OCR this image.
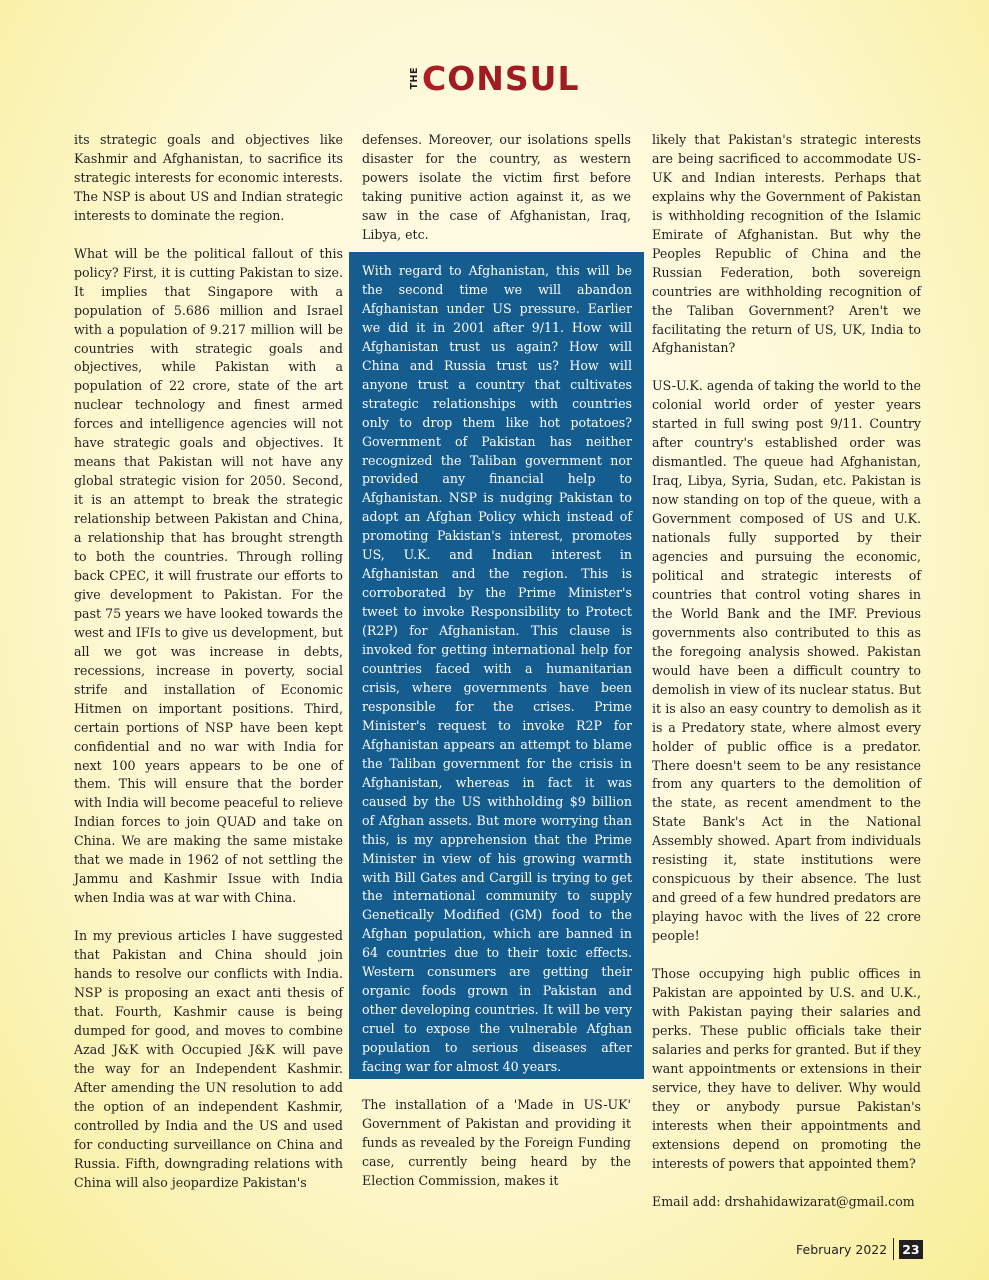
THE CONSUL

its strategic goals and objectives like Kashmir and Afghanistan, to sacrifice its strategic interests for economic interests. The NSP is about US and Indian strategic interests to dominate the region.

What will be the political fallout of this policy? First, it is cutting Pakistan to size. It implies that Singapore with a population of 5.686 million and Israel with a population of 9.217 million will be countries with strategic goals and objectives, while Pakistan with a population of 22 crore, state of the art nuclear technology and finest armed forces and intelligence agencies will not have strategic goals and objectives. It means that Pakistan will not have any global strategic vision for 2050. Second, it is an attempt to break the strategic relationship between Pakistan and China, a relationship that has brought strength to both the countries. Through rolling back CPEC, it will frustrate our efforts to give development to Pakistan. For the past 75 years we have looked towards the west and IFIs to give us development, but all we got was increase in debts, recessions, increase in poverty, social strife and installation of Economic Hitmen on important positions. Third, certain portions of NSP have been kept confidential and no war with India for next 100 years appears to be one of them. This will ensure that the border with India will become peaceful to relieve Indian forces to join QUAD and take on China. We are making the same mistake that we made in 1962 of not settling the Jammu and Kashmir Issue with India when India was at war with China.

In my previous articles I have suggested that Pakistan and China should join hands to resolve our conflicts with India. NSP is proposing an exact anti thesis of that. Fourth, Kashmir cause is being dumped for good, and moves to combine Azad J&K with Occupied J&K will pave the way for an Independent Kashmir. After amending the UN resolution to add the option of an independent Kashmir, controlled by India and the US and used for conducting surveillance on China and Russia. Fifth, downgrading relations with China will also jeopardize Pakistan's

defenses. Moreover, our isolations spells disaster for the country, as western powers isolate the victim first before taking punitive action against it, as we saw in the case of Afghanistan, Iraq, Libya, etc.

With regard to Afghanistan, this will be the second time we will abandon Afghanistan under US pressure. Earlier we did it in 2001 after 9/11. How will Afghanistan trust us again? How will China and Russia trust us? How will anyone trust a country that cultivates strategic relationships with countries only to drop them like hot potatoes? Government of Pakistan has neither recognized the Taliban government nor provided any financial help to Afghanistan. NSP is nudging Pakistan to adopt an Afghan Policy which instead of promoting Pakistan's interest, promotes US, U.K. and Indian interest in Afghanistan and the region. This is corroborated by the Prime Minister's tweet to invoke Responsibility to Protect (R2P) for Afghanistan. This clause is invoked for getting international help for countries faced with a humanitarian crisis, where governments have been responsible for the crises. Prime Minister's request to invoke R2P for Afghanistan appears an attempt to blame the Taliban government for the crisis in Afghanistan, whereas in fact it was caused by the US withholding $9 billion of Afghan assets. But more worrying than this, is my apprehension that the Prime Minister in view of his growing warmth with Bill Gates and Cargill is trying to get the international community to supply Genetically Modified (GM) food to the Afghan population, which are banned in 64 countries due to their toxic effects. Western consumers are getting their organic foods grown in Pakistan and other developing countries. It will be very cruel to expose the vulnerable Afghan population to serious diseases after facing war for almost 40 years.
The installation of a 'Made in US-UK' Government of Pakistan and providing it funds as revealed by the Foreign Funding case, currently being heard by the Election Commission, makes it

likely that Pakistan's strategic interests are being sacrificed to accommodate US-UK and Indian interests. Perhaps that explains why the Government of Pakistan is withholding recognition of the Islamic Emirate of Afghanistan. But why the Peoples Republic of China and the Russian Federation, both sovereign countries are withholding recognition of the Taliban Government? Aren't we facilitating the return of US, UK, India to Afghanistan?

US-U.K. agenda of taking the world to the colonial world order of yester years started in full swing post 9/11. Country after country's established order was dismantled. The queue had Afghanistan, Iraq, Libya, Syria, Sudan, etc. Pakistan is now standing on top of the queue, with a Government composed of US and U.K. nationals fully supported by their agencies and pursuing the economic, political and strategic interests of countries that control voting shares in the World Bank and the IMF. Previous governments also contributed to this as the foregoing analysis showed. Pakistan would have been a difficult country to demolish in view of its nuclear status. But it is also an easy country to demolish as it is a Predatory state, where almost every holder of public office is a predator. There doesn't seem to be any resistance from any quarters to the demolition of the state, as recent amendment to the State Bank's Act in the National Assembly showed. Apart from individuals resisting it, state institutions were conspicuous by their absence. The lust and greed of a few hundred predators are playing havoc with the lives of 22 crore people!

Those occupying high public offices in Pakistan are appointed by U.S. and U.K., with Pakistan paying their salaries and perks. These public officials take their salaries and perks for granted. But if they want appointments or extensions in their service, they have to deliver. Why would they or anybody pursue Pakistan's interests when their appointments and extensions depend on promoting the interests of powers that appointed them?

Email add: drshahidawizarat@gmail.com

February 2022 23
